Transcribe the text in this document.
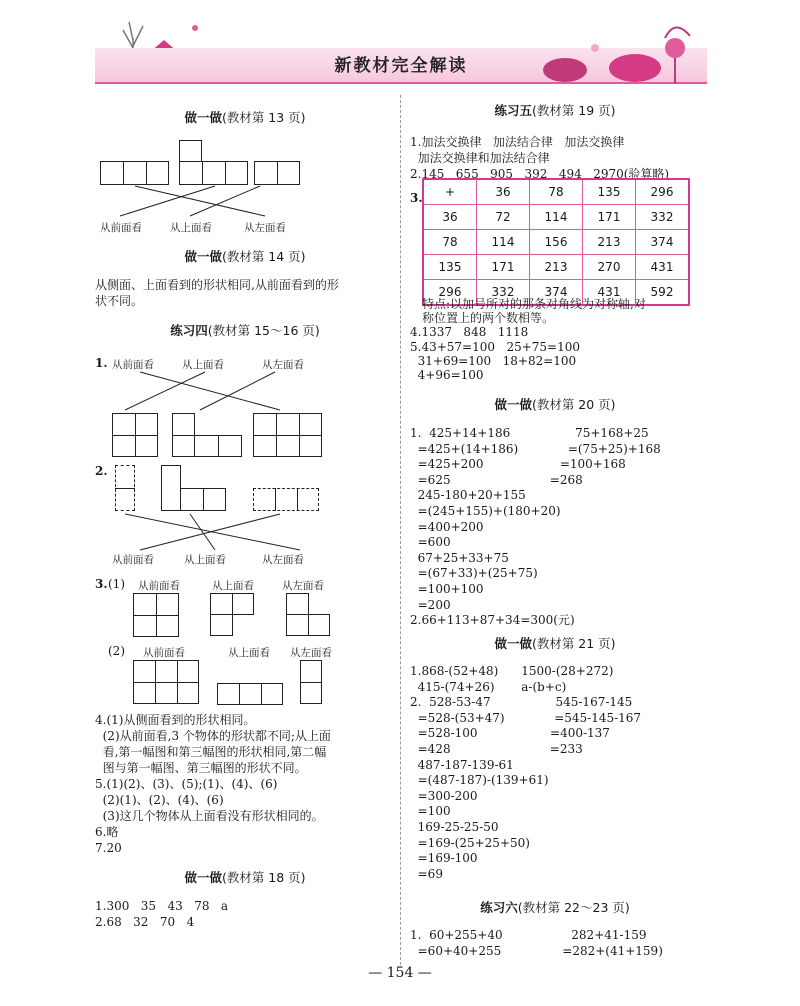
新教材完全解读
做一做(教材第 13 页)
从前面看	从上面看	从左面看
做一做(教材第 14 页)
从侧面、上面看到的形状相同,从前面看到的形
状不同。
练习四(教材第 15～16 页)
1. 从前面看	从上面看	从左面看
2.
从前面看	从上面看	从左面看
3. (1) 从前面看	从上面看	从左面看
(2) 从前面看	从上面看 从左面看
4.(1)从侧面看到的形状相同。
(2)从前面看,3 个物体的形状都不同;从上面
看,第一幅图和第三幅图的形状相同,第二幅
图与第一幅图、第三幅图的形状不同。
5.(1)(2)、(3)、(5);(1)、(4)、(6)
(2)(1)、(2)、(4)、(6)
(3)这几个物体从上面看没有形状相同的。
6.略
7.20
做一做(教材第 18 页)
1.300   35   43   78   a
2.68   32   70   4
练习五(教材第 19 页)
1.加法交换律   加法结合律   加法交换律
加法交换律和加法结合律
2.145   655   905   392   494   2970(验算略)
3. +	36	78	135	296
36	72	114	171	332
78	114	156	213	374
135	171	213	270	431
296	332	374	431	592
特点:以加号所对的那条对角线为对称轴,对
称位置上的两个数相等。
4.1337   848   1118
5.43+57=100   25+75=100
31+69=100   18+82=100
4+96=100
做一做(教材第 20 页)
1.  425+14+186                 75+168+25
=425+(14+186)             =(75+25)+168
=425+200                    =100+168
=625                          =268
245-180+20+155
=(245+155)+(180+20)
=400+200
=600
67+25+33+75
=(67+33)+(25+75)
=100+100
=200
2.66+113+87+34=300(元)
做一做(教材第 21 页)
1.868-(52+48)      1500-(28+272)
415-(74+26)       a-(b+c)
2.  528-53-47                 545-167-145
=528-(53+47)             =545-145-167
=528-100                   =400-137
=428                          =233
487-187-139-61
=(487-187)-(139+61)
=300-200
=100
169-25-25-50
=169-(25+25+50)
=169-100
=69
练习六(教材第 22～23 页)
1.  60+255+40                  282+41-159
=60+40+255                =282+(41+159)
— 154 —
